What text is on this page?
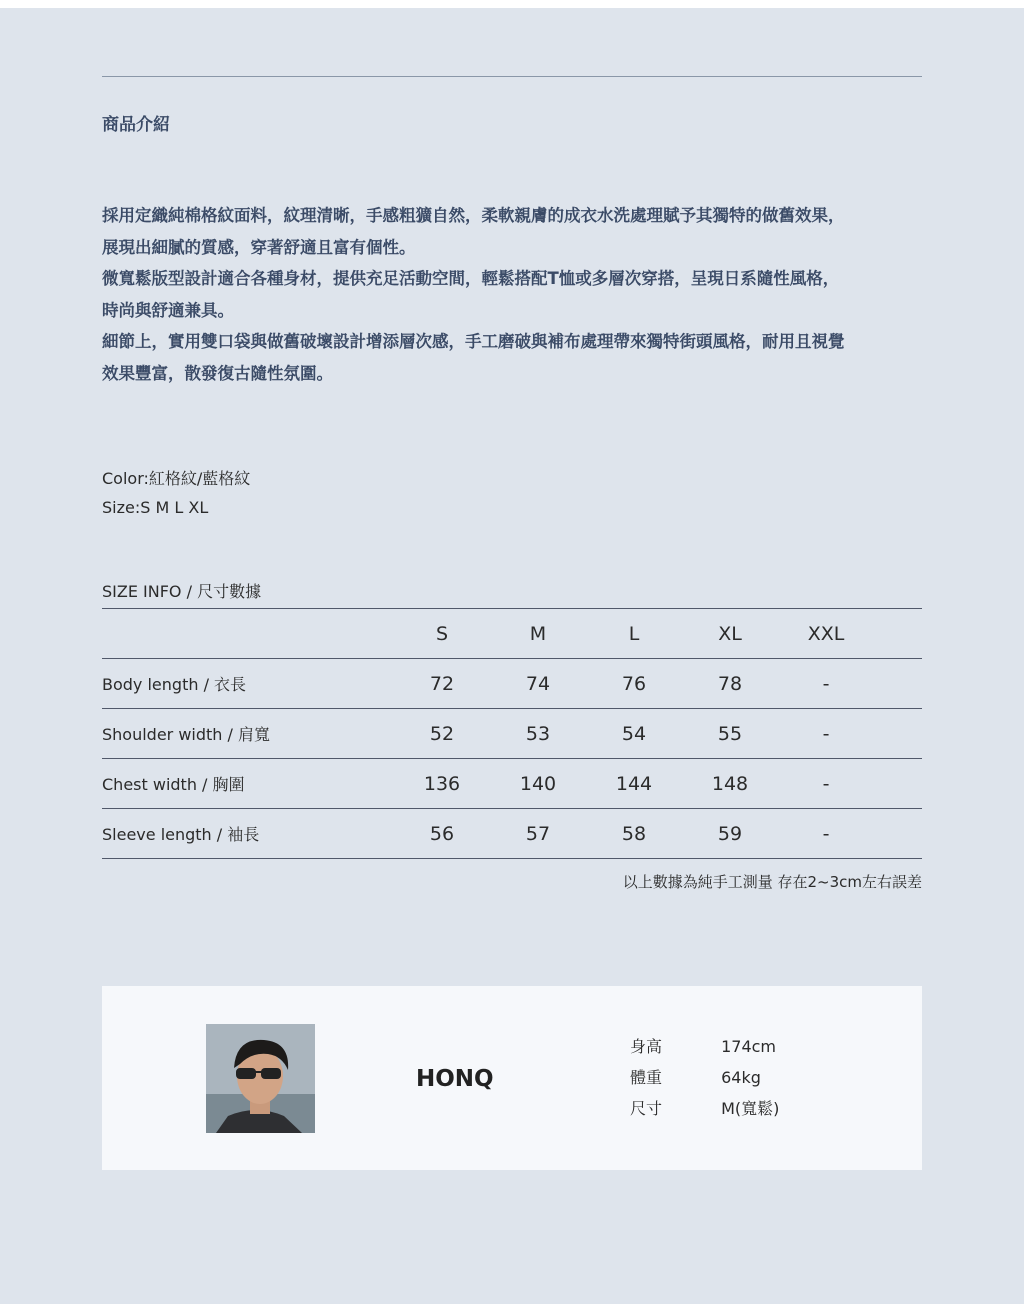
商品介紹

採用定織純棉格紋面料，紋理清晰，手感粗獷自然，柔軟親膚的成衣水洗處理賦予其獨特的做舊效果，

展現出細膩的質感，穿著舒適且富有個性。

微寬鬆版型設計適合各種身材，提供充足活動空間，輕鬆搭配T恤或多層次穿搭，呈現日系隨性風格，

時尚與舒適兼具。

細節上，實用雙口袋與做舊破壞設計增添層次感，手工磨破與補布處理帶來獨特街頭風格，耐用且視覺

效果豐富，散發復古隨性氛圍。

Color:紅格紋/藍格紋
Size:S M L XL
SIZE INFO / 尺寸數據
	S	M	L	XL	XXL	
Body length / 衣長	72	74	76	78	-	
Shoulder width / 肩寬	52	53	54	55	-	
Chest width / 胸圍	136	140	144	148	-	
Sleeve length / 袖長	56	57	58	59	-	
以上數據為純手工測量 存在2~3cm左右誤差
HONQ
身高	174cm
體重	64kg
尺寸	M(寬鬆)
